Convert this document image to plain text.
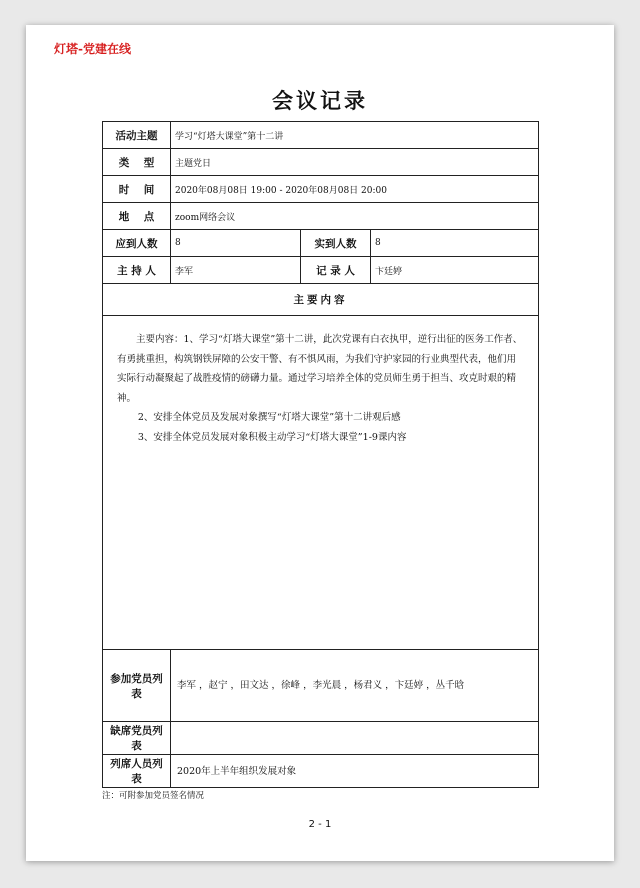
灯塔-党建在线
会议记录
活动主题	学习“灯塔大课堂”第十二讲		
类    型	主题党日		
时    间	2020年08月08日 19:00 - 2020年08月08日 20:00		
地    点	zoom网络会议		
应到人数	8	实到人数	8
主 持 人	李军	记 录 人	卞廷婷
主要内容			

主要内容：1、学习“灯塔大课堂”第十二讲，此次党课有白衣执甲，逆行出征的医务工作者、有勇挑重担，构筑钢铁屏障的公安干警、有不惧风雨，为我们守护家园的行业典型代表，他们用实际行动凝聚起了战胜疫情的磅礴力量。通过学习培养全体的党员师生勇于担当、攻克时艰的精神。

2、安排全体党员及发展对象撰写“灯塔大课堂”第十二讲观后感

3、安排全体党员发展对象积极主动学习“灯塔大课堂”1-9课内容			

参加党员列表	李军 ，赵宁 ，田文达 ，徐峰 ，李光晨 ，杨君义 ，卞廷婷 ，丛千晗		
缺席党员列表			
列席人员列表	2020年上半年组织发展对象		
注：可附参加党员签名情况
2 - 1
